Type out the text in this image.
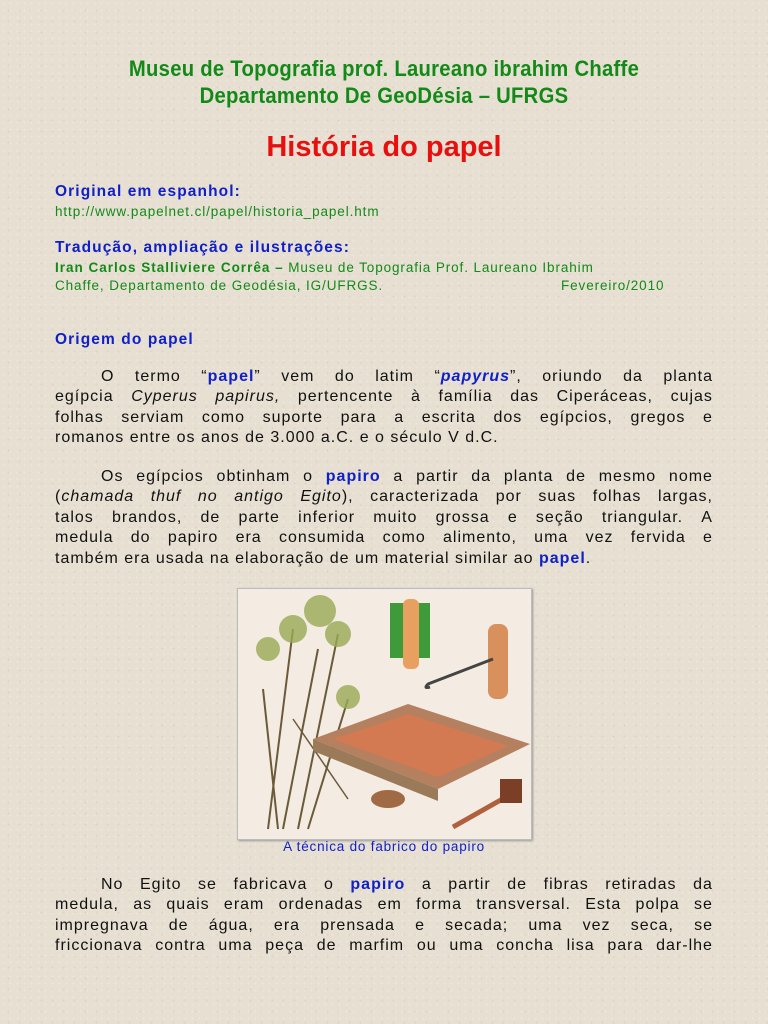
Museu de Topografia prof. Laureano ibrahim Chaffe
Departamento De GeoDésia – UFRGS
História do papel
Original em espanhol:
http://www.papelnet.cl/papel/historia_papel.htm
Tradução, ampliação e ilustrações:
Iran Carlos Stalliviere Corrêa – Museu de Topografia Prof. Laureano Ibrahim
Chaffe, Departamento de Geodésia, IG/UFRGS.	Fevereiro/2010
Origem do papel
O termo “papel” vem do latim “papyrus”, oriundo da planta
egípcia Cyperus papirus, pertencente à família das Ciperáceas, cujas
folhas serviam como suporte para a escrita dos egípcios, gregos e
romanos entre os anos de 3.000 a.C. e o século V d.C.
Os egípcios obtinham o papiro a partir da planta de mesmo nome
(chamada thuf no antigo Egito), caracterizada por suas folhas largas,
talos brandos, de parte inferior muito grossa e seção triangular. A
medula do papiro era consumida como alimento, uma vez fervida e
também era usada na elaboração de um material similar ao papel.
No Egito se fabricava o papiro a partir de fibras retiradas da
medula, as quais eram ordenadas em forma transversal. Esta polpa se
impregnava de água, era prensada e secada; uma vez seca, se
friccionava contra uma peça de marfim ou uma concha lisa para dar-lhe
A técnica do fabrico do papiro
